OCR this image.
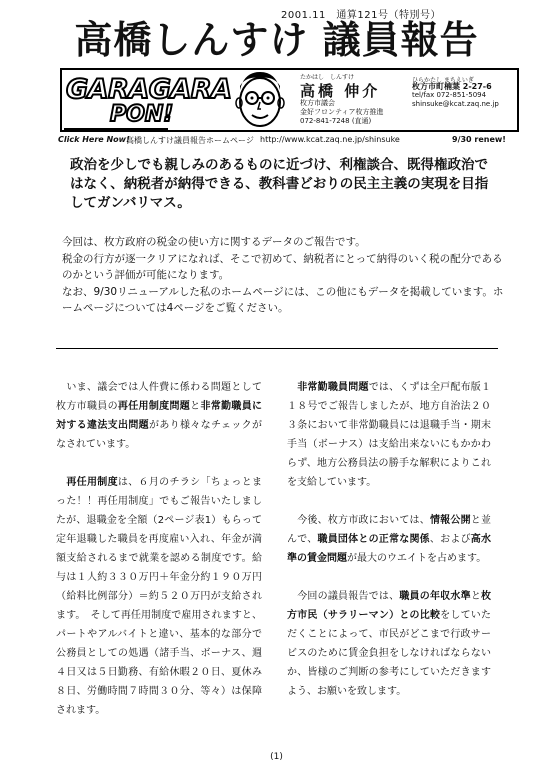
2001.11　通算121号（特別号）
高橋しんすけ 議員報告
GARAGARA
PON!
たかはし　しんすけ
高橋 伸介
枚方市議会
金好フロンティア枚方推進
072-841-7248 (直通)
ひらかたし まちえいぎ
枚方市町楠葉 2-27-6
tel/fax 072-851-5094
shinsuke@kcat.zaq.ne.jp
Click Here Now!
高橋しんすけ議員報告ホームページ http://www.kcat.zaq.ne.jp/shinsuke	9/30 renew!
政治を少しでも親しみのあるものに近づけ、利権談合、既得権政治ではなく、納税者が納得できる、教科書どおりの民主主義の実現を目指してガンバリマス。

今回は、枚方政府の税金の使い方に関するデータのご報告です。

税金の行方が逐一クリアになれば、そこで初めて、納税者にとって納得のいく税の配分であるのかという評価が可能になります。

なお、9/30リニューアルした私のホームページには、この他にもデータを掲載しています。ホームページについては4ページをご覧ください。

　いま、議会では人件費に係わる問題として枚方市職員の再任用制度問題と非常勤職員に対する違法支出問題があり様々なチェックがなされています。

　再任用制度は、６月のチラシ「ちょっとまった！！再任用制度」でもご報告いたしましたが、退職金を全額（2ページ表1）もらって定年退職した職員を再度雇い入れ、年金が満額支給されるまで就業を認める制度です。給与は１人約３３０万円＋年金分約１９０万円（給料比例部分）＝約５２０万円が支給されます。　そして再任用制度で雇用されますと、パートやアルバイトと違い、基本的な部分で公務員としての処遇（諸手当、ボーナス、週４日又は５日勤務、有給休暇２０日、夏休み８日、労働時間７時間３０分、等々）は保障されます。

　非常勤職員問題では、くずは全戸配布版１１８号でご報告しましたが、地方自治法２０３条において非常勤職員には退職手当・期末手当（ボーナス）は支給出来ないにもかかわらず、地方公務員法の勝手な解釈によりこれを支給しています。

　今後、枚方市政においては、情報公開と並んで、職員団体との正常な関係、および高水準の賃金問題が最大のウエイトを占めます。

　今回の議員報告では、職員の年収水準と枚方市民（サラリーマン）との比較をしていただくことによって、市民がどこまで行政サービスのために賃金負担をしなければならないか、皆様のご判断の参考にしていただきますよう、お願いを致します。

(1)
